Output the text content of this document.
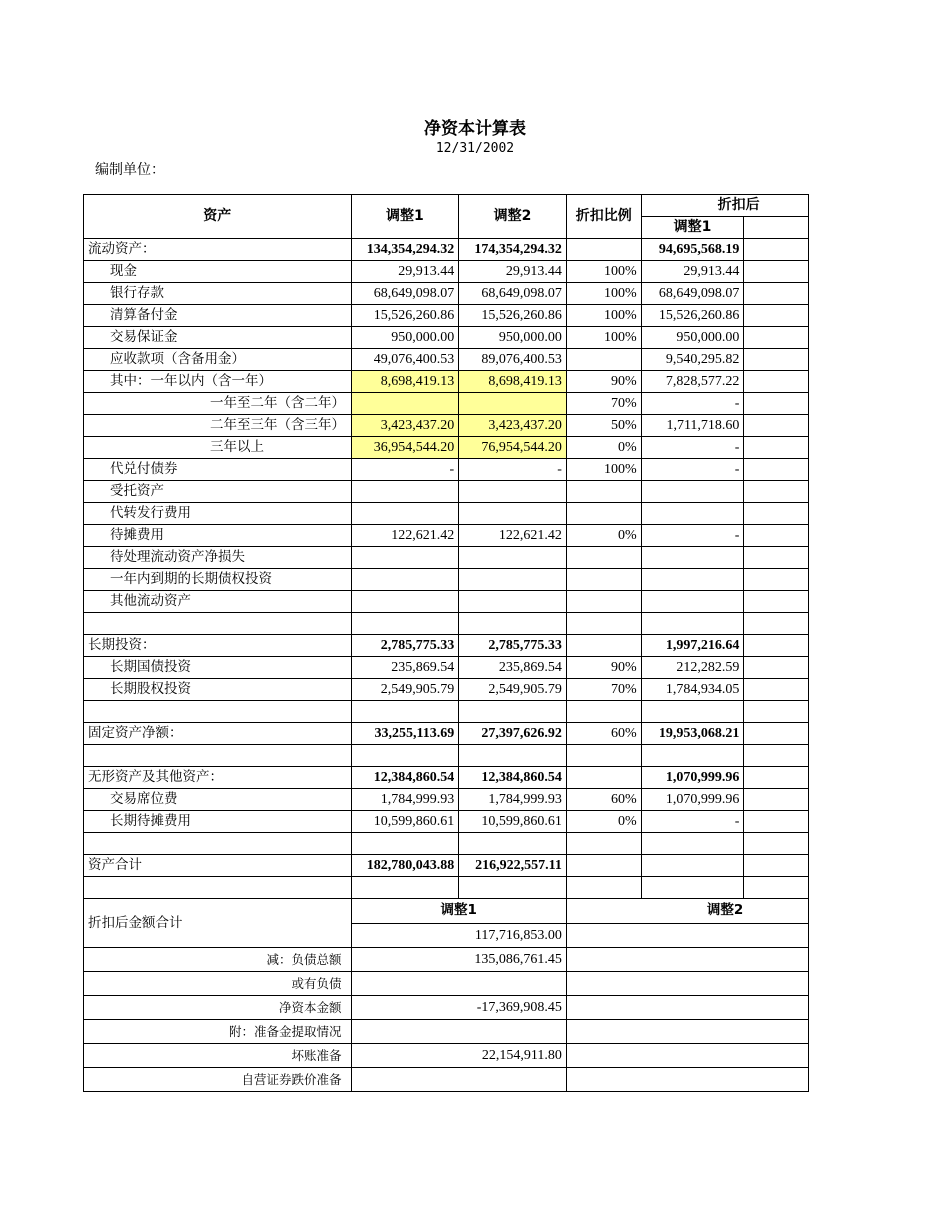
净资本计算表
12/31/2002
编制单位：
资产	调整1	调整2	折扣比例	折扣后	
				调整1	
流动资产：	134,354,294.32	174,354,294.32		94,695,568.19	
现金	29,913.44	29,913.44	100%	29,913.44	
银行存款	68,649,098.07	68,649,098.07	100%	68,649,098.07	
清算备付金	15,526,260.86	15,526,260.86	100%	15,526,260.86	
交易保证金	950,000.00	950,000.00	100%	950,000.00	
应收款项（含备用金）	49,076,400.53	89,076,400.53		9,540,295.82	
其中：一年以内（含一年）	8,698,419.13	8,698,419.13	90%	7,828,577.22	
一年至二年（含二年）			70%	-	
二年至三年（含三年）	3,423,437.20	3,423,437.20	50%	1,711,718.60	
三年以上	36,954,544.20	76,954,544.20	0%	-	
代兑付债券	-	-	100%	-	
受托资产					
代转发行费用					
待摊费用	122,621.42	122,621.42	0%	-	
待处理流动资产净损失					
一年内到期的长期债权投资					
其他流动资产					

长期投资：	2,785,775.33	2,785,775.33		1,997,216.64	
长期国债投资	235,869.54	235,869.54	90%	212,282.59	
长期股权投资	2,549,905.79	2,549,905.79	70%	1,784,934.05	

固定资产净额：	33,255,113.69	27,397,626.92	60%	19,953,068.21	

无形资产及其他资产：	12,384,860.54	12,384,860.54		1,070,999.96	
交易席位费	1,784,999.93	1,784,999.93	60%	1,070,999.96	
长期待摊费用	10,599,860.61	10,599,860.61	0%	-	

资产合计	182,780,043.88	216,922,557.11			

折扣后金额合计	调整1		调整2		
	117,716,853.00				
减：负债总额	135,086,761.45				
或有负债					
净资本金额	-17,369,908.45				
附：准备金提取情况					
坏账准备	22,154,911.80				
自营证券跌价准备					
